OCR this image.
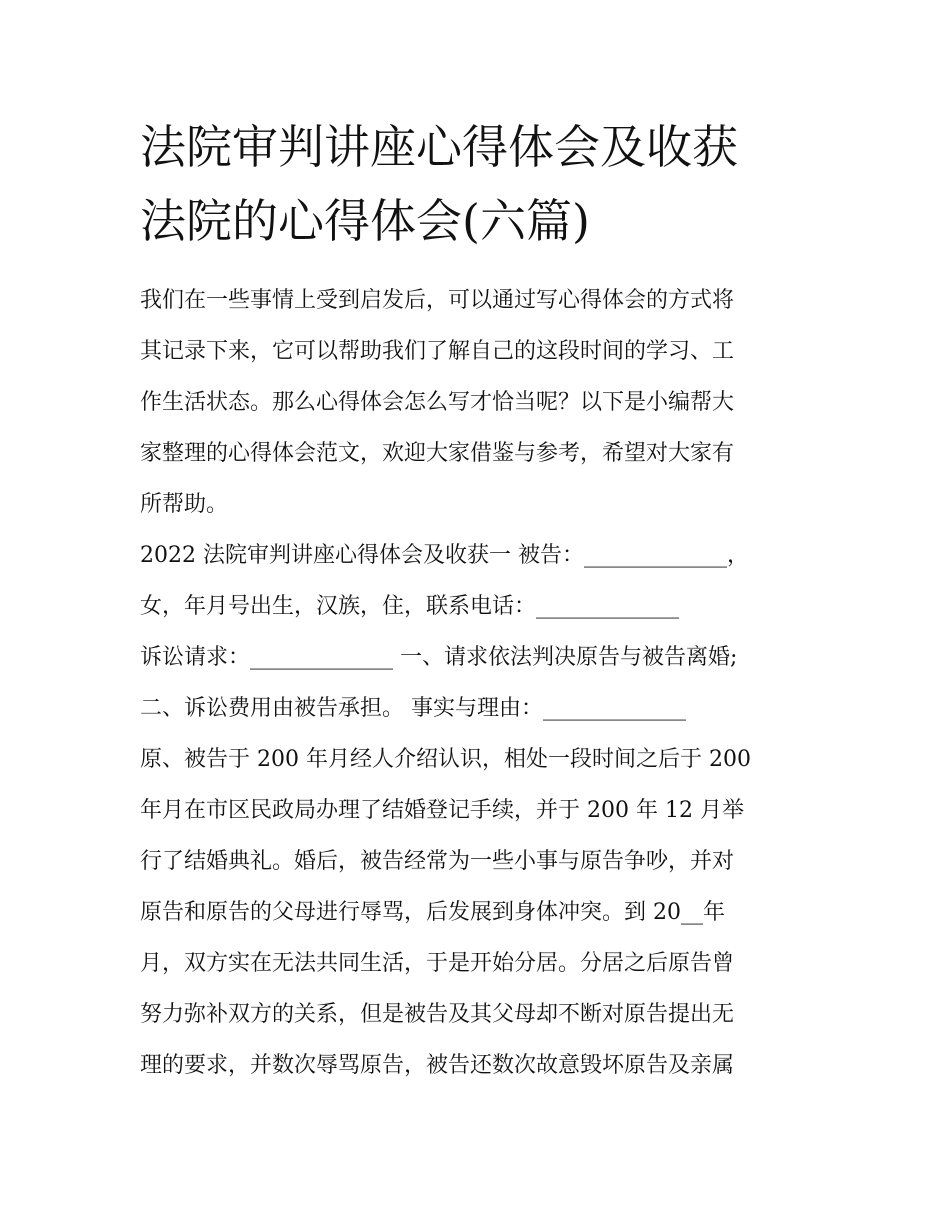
法院审判讲座心得体会及收获
法院的心得体会(六篇)

我们在一些事情上受到启发后，可以通过写心得体会的方式将

其记录下来，它可以帮助我们了解自己的这段时间的学习、工

作生活状态。那么心得体会怎么写才恰当呢？以下是小编帮大

家整理的心得体会范文，欢迎大家借鉴与参考，希望对大家有

所帮助。

2022 法院审判讲座心得体会及收获一 被告：_____________，

女，年月号出生，汉族，住，联系电话：_____________

诉讼请求：_____________ 一、请求依法判决原告与被告离婚;

二、诉讼费用由被告承担。 事实与理由：_____________

原、被告于 200 年月经人介绍认识，相处一段时间之后于 200

年月在市区民政局办理了结婚登记手续，并于 200 年 12 月举

行了结婚典礼。婚后，被告经常为一些小事与原告争吵，并对

原告和原告的父母进行辱骂，后发展到身体冲突。到 20__年

月，双方实在无法共同生活，于是开始分居。分居之后原告曾

努力弥补双方的关系，但是被告及其父母却不断对原告提出无

理的要求，并数次辱骂原告，被告还数次故意毁坏原告及亲属
